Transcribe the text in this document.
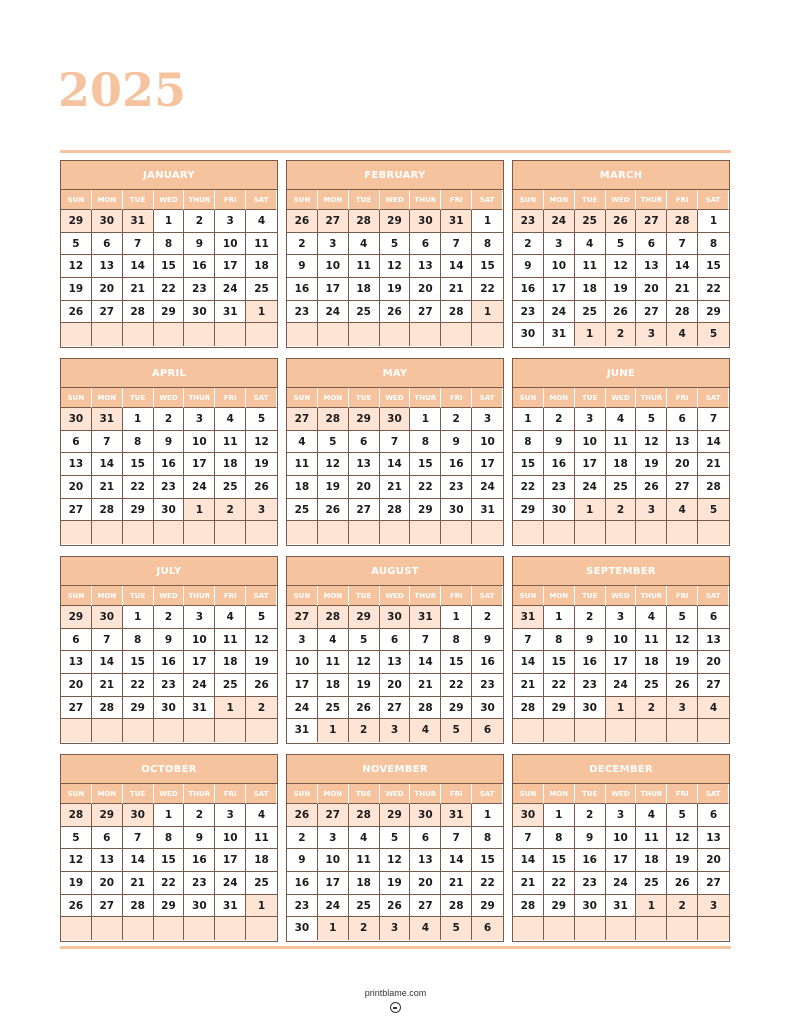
2025
JANUARY
SUN	MON	TUE	WED	THUR	FRI	SAT
29	30	31	1	2	3	4
5	6	7	8	9	10	11
12	13	14	15	16	17	18
19	20	21	22	23	24	25
26	27	28	29	30	31	1
FEBRUARY
SUN	MON	TUE	WED	THUR	FRI	SAT
26	27	28	29	30	31	1
2	3	4	5	6	7	8
9	10	11	12	13	14	15
16	17	18	19	20	21	22
23	24	25	26	27	28	1
MARCH
SUN	MON	TUE	WED	THUR	FRI	SAT
23	24	25	26	27	28	1
2	3	4	5	6	7	8
9	10	11	12	13	14	15
16	17	18	19	20	21	22
23	24	25	26	27	28	29
30	31	1	2	3	4	5
APRIL
SUN	MON	TUE	WED	THUR	FRI	SAT
30	31	1	2	3	4	5
6	7	8	9	10	11	12
13	14	15	16	17	18	19
20	21	22	23	24	25	26
27	28	29	30	1	2	3
MAY
SUN	MON	TUE	WED	THUR	FRI	SAT
27	28	29	30	1	2	3
4	5	6	7	8	9	10
11	12	13	14	15	16	17
18	19	20	21	22	23	24
25	26	27	28	29	30	31
JUNE
SUN	MON	TUE	WED	THUR	FRI	SAT
1	2	3	4	5	6	7
8	9	10	11	12	13	14
15	16	17	18	19	20	21
22	23	24	25	26	27	28
29	30	1	2	3	4	5
JULY
SUN	MON	TUE	WED	THUR	FRI	SAT
29	30	1	2	3	4	5
6	7	8	9	10	11	12
13	14	15	16	17	18	19
20	21	22	23	24	25	26
27	28	29	30	31	1	2
AUGUST
SUN	MON	TUE	WED	THUR	FRI	SAT
27	28	29	30	31	1	2
3	4	5	6	7	8	9
10	11	12	13	14	15	16
17	18	19	20	21	22	23
24	25	26	27	28	29	30
31	1	2	3	4	5	6
SEPTEMBER
SUN	MON	TUE	WED	THUR	FRI	SAT
31	1	2	3	4	5	6
7	8	9	10	11	12	13
14	15	16	17	18	19	20
21	22	23	24	25	26	27
28	29	30	1	2	3	4
OCTOBER
SUN	MON	TUE	WED	THUR	FRI	SAT
28	29	30	1	2	3	4
5	6	7	8	9	10	11
12	13	14	15	16	17	18
19	20	21	22	23	24	25
26	27	28	29	30	31	1
NOVEMBER
SUN	MON	TUE	WED	THUR	FRI	SAT
26	27	28	29	30	31	1
2	3	4	5	6	7	8
9	10	11	12	13	14	15
16	17	18	19	20	21	22
23	24	25	26	27	28	29
30	1	2	3	4	5	6
DECEMBER
SUN	MON	TUE	WED	THUR	FRI	SAT
30	1	2	3	4	5	6
7	8	9	10	11	12	13
14	15	16	17	18	19	20
21	22	23	24	25	26	27
28	29	30	31	1	2	3
printblame.com
